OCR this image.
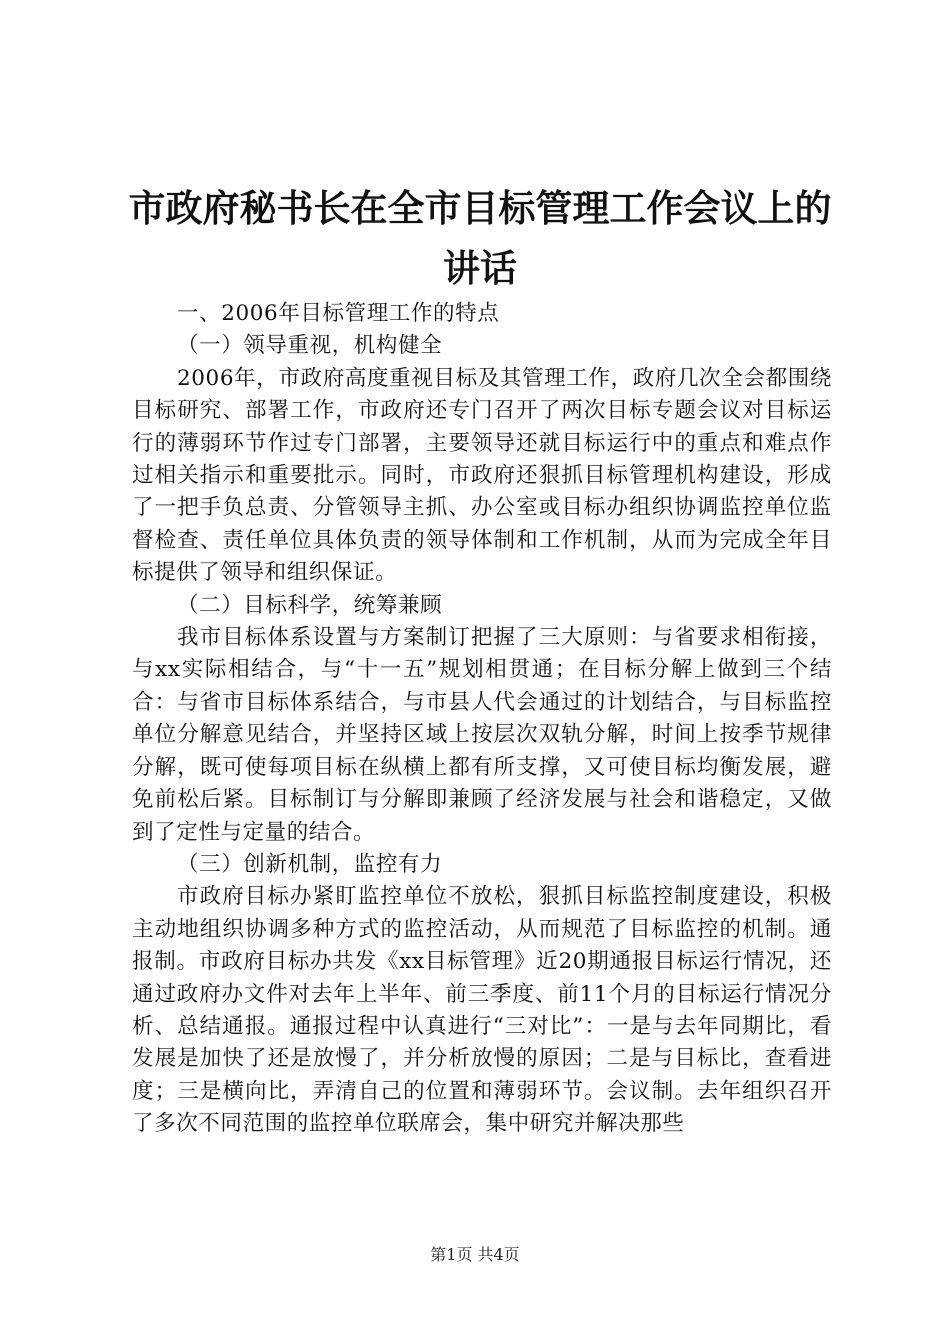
市政府秘书长在全市目标管理工作会议上的讲话

一、2006年目标管理工作的特点

（一）领导重视，机构健全

2006年，市政府高度重视目标及其管理工作，政府几次全会都围绕目标研究、部署工作，市政府还专门召开了两次目标专题会议对目标运行的薄弱环节作过专门部署，主要领导还就目标运行中的重点和难点作过相关指示和重要批示。同时，市政府还狠抓目标管理机构建设，形成了一把手负总责、分管领导主抓、办公室或目标办组织协调监控单位监督检查、责任单位具体负责的领导体制和工作机制，从而为完成全年目标提供了领导和组织保证。

（二）目标科学，统筹兼顾

我市目标体系设置与方案制订把握了三大原则：与省要求相衔接，与xx实际相结合，与“十一五”规划相贯通；在目标分解上做到三个结合：与省市目标体系结合，与市县人代会通过的计划结合，与目标监控单位分解意见结合，并坚持区域上按层次双轨分解，时间上按季节规律分解，既可使每项目标在纵横上都有所支撑，又可使目标均衡发展，避免前松后紧。目标制订与分解即兼顾了经济发展与社会和谐稳定，又做到了定性与定量的结合。

（三）创新机制，监控有力

市政府目标办紧盯监控单位不放松，狠抓目标监控制度建设，积极主动地组织协调多种方式的监控活动，从而规范了目标监控的机制。通报制。市政府目标办共发《xx目标管理》近20期通报目标运行情况，还通过政府办文件对去年上半年、前三季度、前11个月的目标运行情况分析、总结通报。通报过程中认真进行“三对比”：一是与去年同期比，看发展是加快了还是放慢了，并分析放慢的原因；二是与目标比，查看进度；三是横向比，弄清自己的位置和薄弱环节。会议制。去年组织召开了多次不同范围的监控单位联席会，集中研究并解决那些

第1页 共4页
